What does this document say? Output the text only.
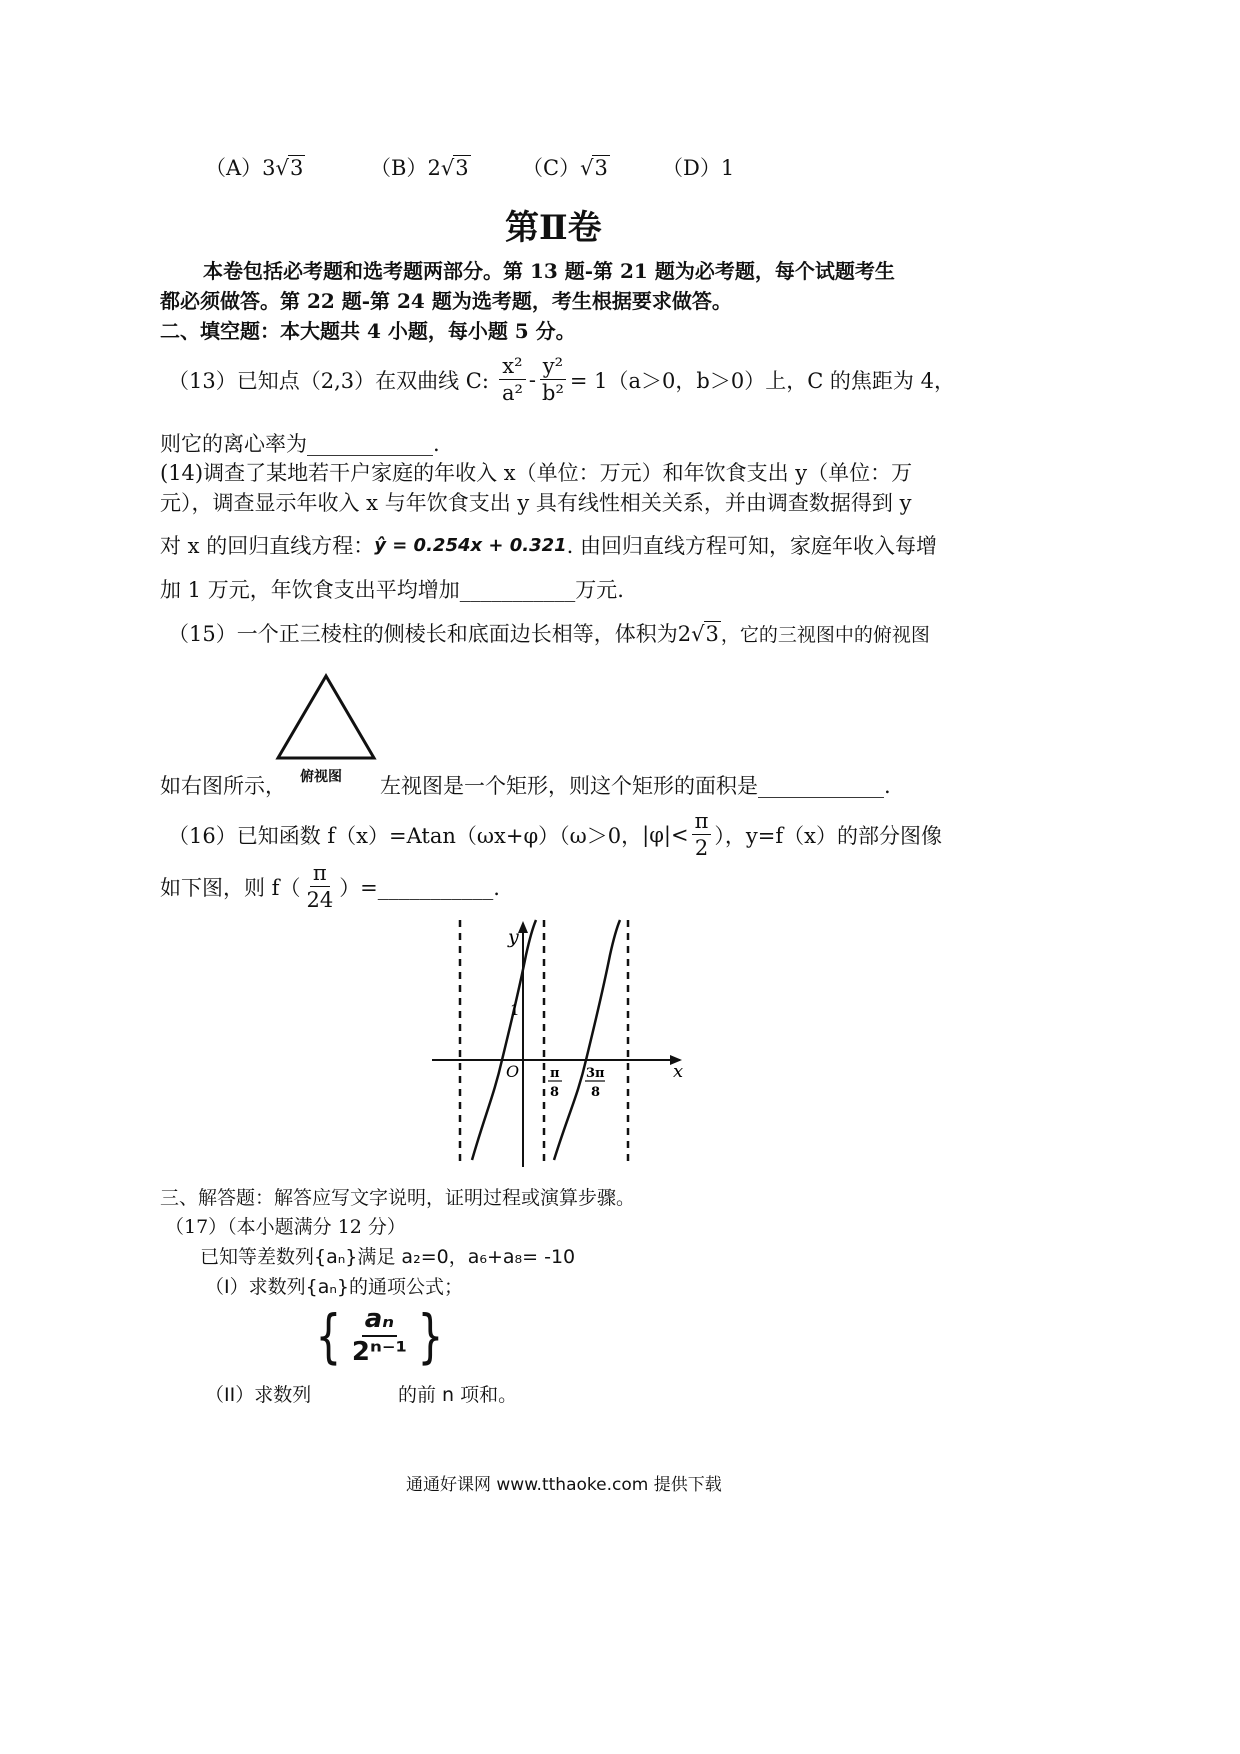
（A）3√3	（B）2√3	（C）√3	（D）1
第Ⅱ卷
本卷包括必考题和选考题两部分。第 13 题-第 21 题为必考题，每个试题考生
都必须做答。第 22 题-第 24 题为选考题，考生根据要求做答。
二、填空题：本大题共 4 小题，每小题 5 分。
（13）已知点（2,3）在双曲线 C: $\frac{\text{x²}}{\text{a²}} - \frac{\text{y²}}{\text{b²}} = 1(a>0$，b＞0）上，C 的焦距为 4，
则它的离心率为____________.
(14)调查了某地若干户家庭的年收入 x（单位：万元）和年饮食支出 y（单位：万
元），调查显示年收入 x 与年饮食支出 y 具有线性相关关系，并由调查数据得到 y
对 x 的回归直线方程： ŷ = 0.254x + 0.321 . 由回归直线方程可知，家庭年收入每增
加 1 万元，年饮食支出平均增加___________万元.
（15）一个正三棱柱的侧棱长和底面边长相等，体积为2√3 ，它的三视图中的俯视图
俯视图
如右图所示，	左视图是一个矩形，则这个矩形的面积是____________.
（16）已知函数 f（x）=Atan（ωx+φ）（ω＞0， $|\varphi| < \frac{\pi}{2}$ ），y=f（x）的部分图像
如下图，则 $f( \frac{\pi}{24}$ ）=___________.
y
x
O
1
π
8
3π
8
三、解答题：解答应写文字说明，证明过程或演算步骤。
（17）（本小题满分 12 分）
已知等差数列{aₙ}满足 a₂=0，a₆+a₈= -10
（I）求数列{aₙ}的通项公式；
（II）求数列
{ $\frac{\text{aₙ}}{\text{2ⁿ⁻¹}}$ }
的前 n 项和。
通通好课网 www.tthaoke.com 提供下载
